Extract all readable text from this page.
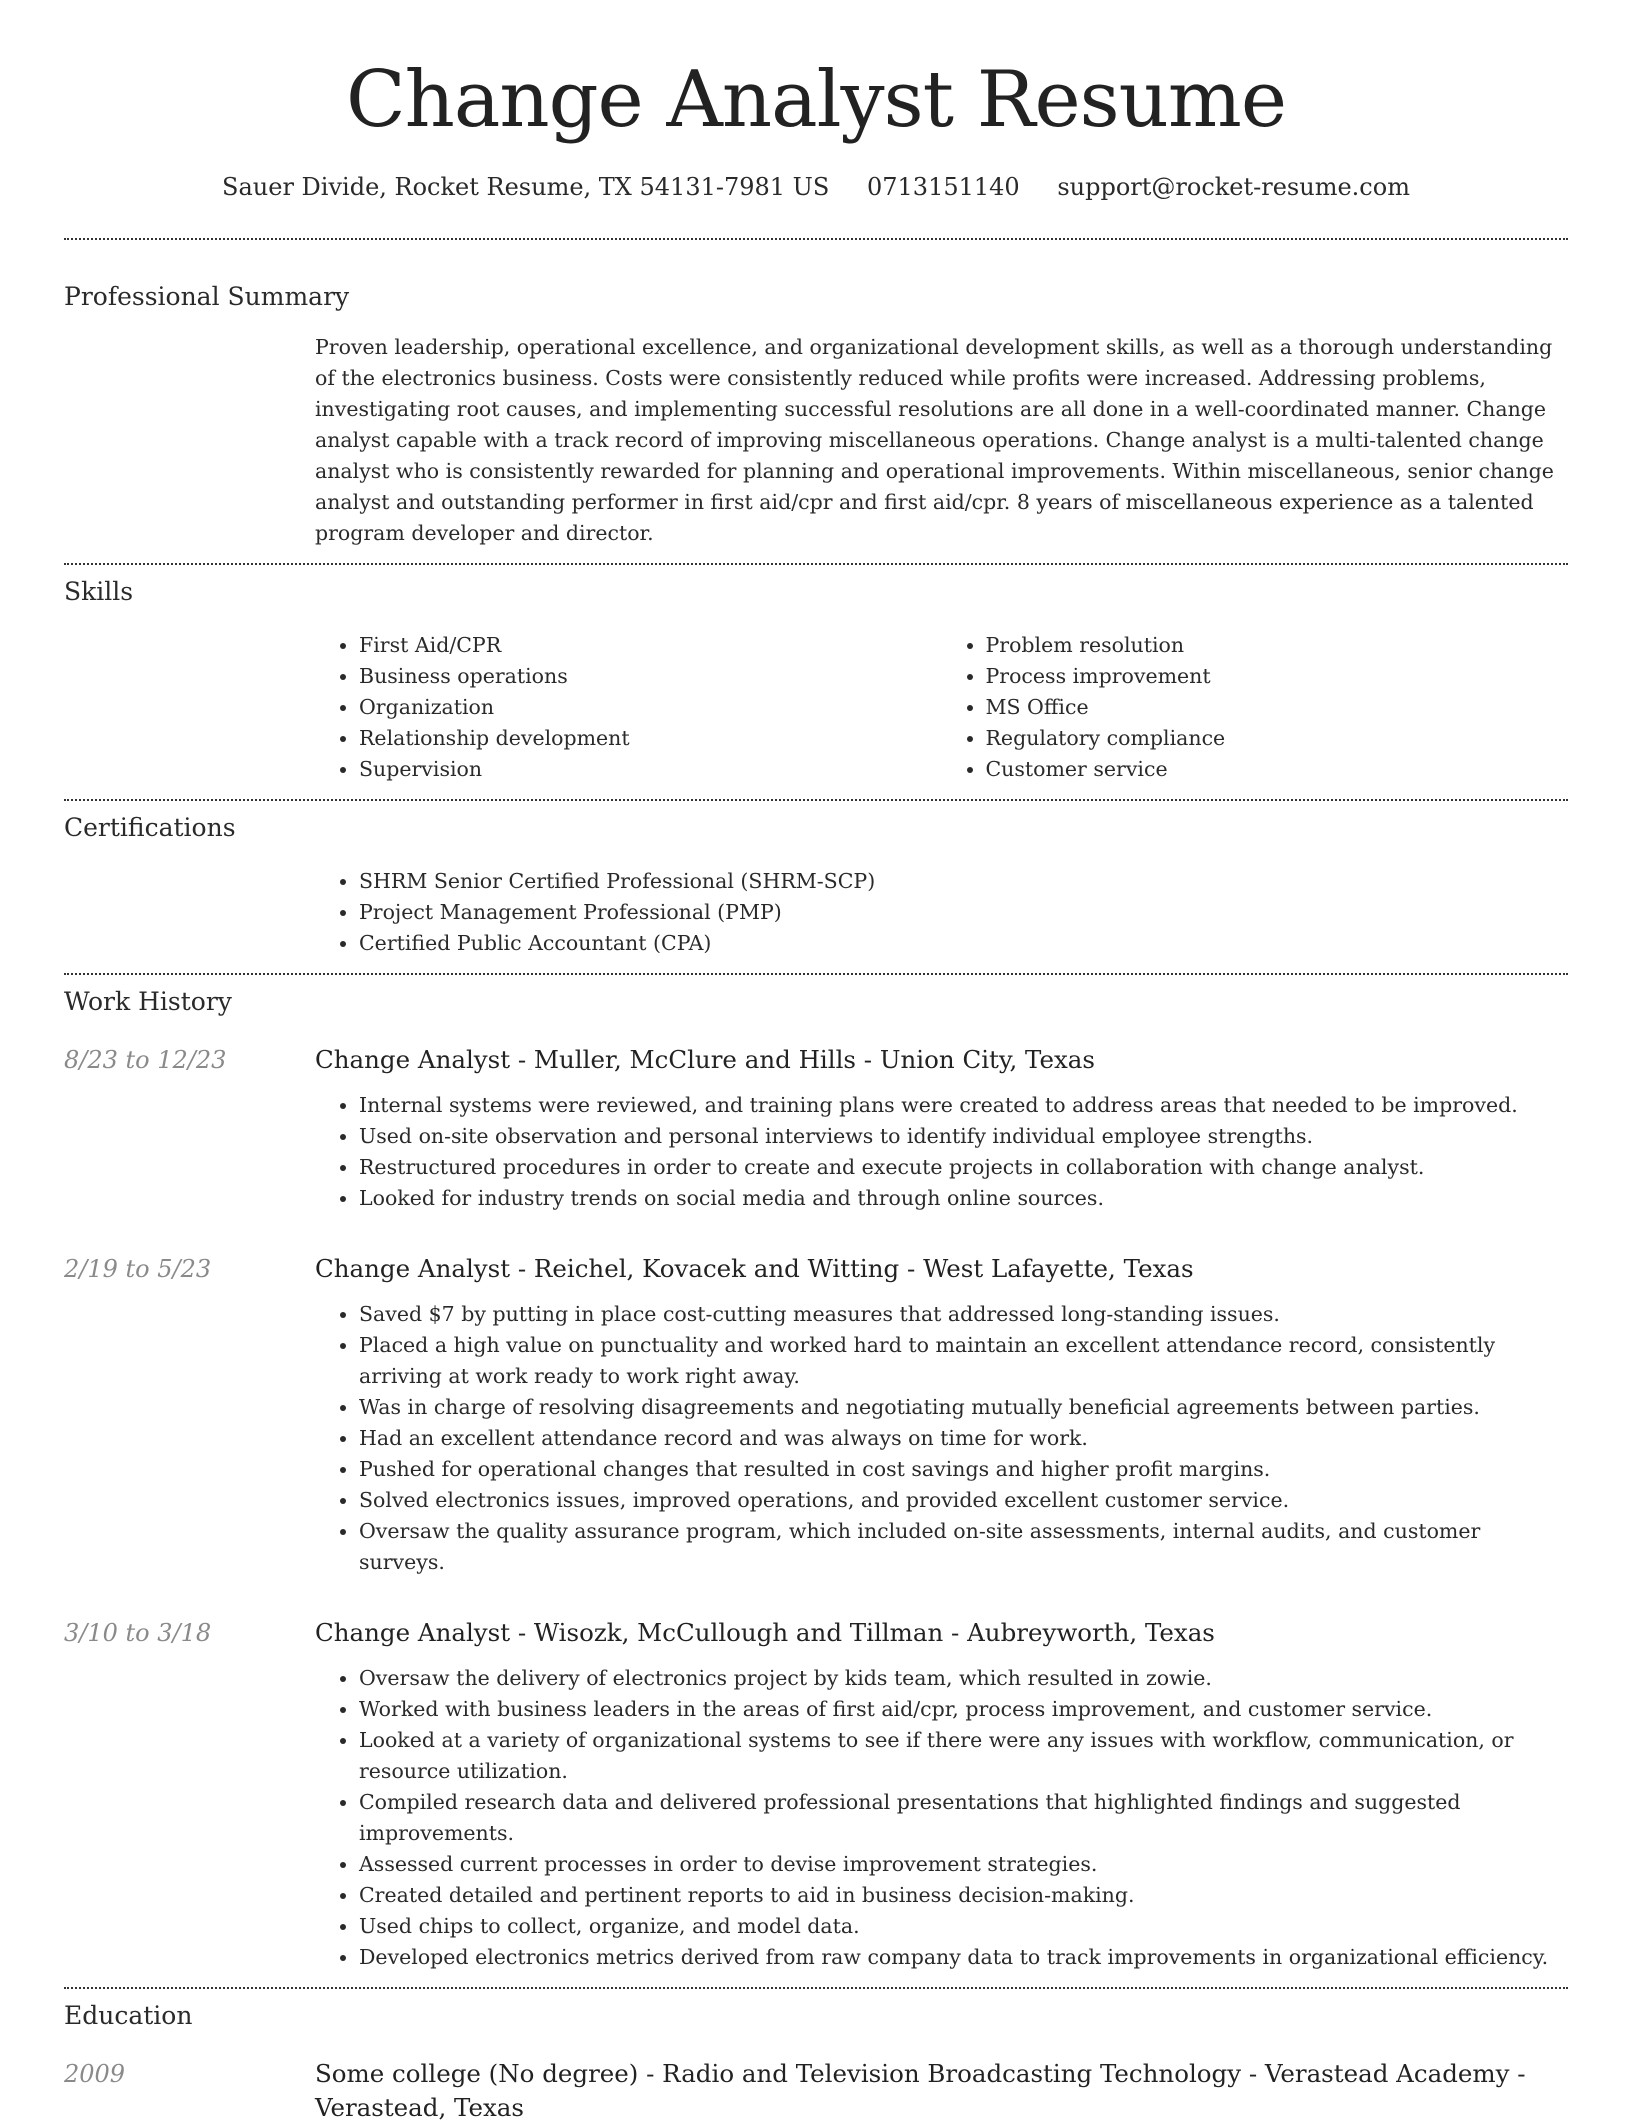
Change Analyst Resume
Sauer Divide, Rocket Resume, TX 54131-7981 US 0713151140 support@rocket-resume.com
Professional Summary

Proven leadership, operational excellence, and organizational development skills, as well as a thorough understanding of the electronics business. Costs were consistently reduced while profits were increased. Addressing problems, investigating root causes, and implementing successful resolutions are all done in a well-coordinated manner. Change analyst capable with a track record of improving miscellaneous operations. Change analyst is a multi-talented change analyst who is consistently rewarded for planning and operational improvements. Within miscellaneous, senior change analyst and outstanding performer in first aid/cpr and first aid/cpr. 8 years of miscellaneous experience as a talented program developer and director.

Skills
• First Aid/CPR
• Business operations
• Organization
• Relationship development
• Supervision
• Problem resolution
• Process improvement
• MS Office
• Regulatory compliance
• Customer service
Certifications
• SHRM Senior Certified Professional (SHRM-SCP)
• Project Management Professional (PMP)
• Certified Public Accountant (CPA)
Work History
8/23 to 12/23	Change Analyst - Muller, McClure and Hills - Union City, Texas
• Internal systems were reviewed, and training plans were created to address areas that needed to be improved.
• Used on-site observation and personal interviews to identify individual employee strengths.
• Restructured procedures in order to create and execute projects in collaboration with change analyst.
• Looked for industry trends on social media and through online sources.
2/19 to 5/23	Change Analyst - Reichel, Kovacek and Witting - West Lafayette, Texas
• Saved $7 by putting in place cost-cutting measures that addressed long-standing issues.
• Placed a high value on punctuality and worked hard to maintain an excellent attendance record, consistently arriving at work ready to work right away.
• Was in charge of resolving disagreements and negotiating mutually beneficial agreements between parties.
• Had an excellent attendance record and was always on time for work.
• Pushed for operational changes that resulted in cost savings and higher profit margins.
• Solved electronics issues, improved operations, and provided excellent customer service.
• Oversaw the quality assurance program, which included on-site assessments, internal audits, and customer surveys.
3/10 to 3/18	Change Analyst - Wisozk, McCullough and Tillman - Aubreyworth, Texas
• Oversaw the delivery of electronics project by kids team, which resulted in zowie.
• Worked with business leaders in the areas of first aid/cpr, process improvement, and customer service.
• Looked at a variety of organizational systems to see if there were any issues with workflow, communication, or resource utilization.
• Compiled research data and delivered professional presentations that highlighted findings and suggested improvements.
• Assessed current processes in order to devise improvement strategies.
• Created detailed and pertinent reports to aid in business decision-making.
• Used chips to collect, organize, and model data.
• Developed electronics metrics derived from raw company data to track improvements in organizational efficiency.
Education
2009	Some college (No degree) - Radio and Television Broadcasting Technology - Verastead Academy - Verastead, Texas
